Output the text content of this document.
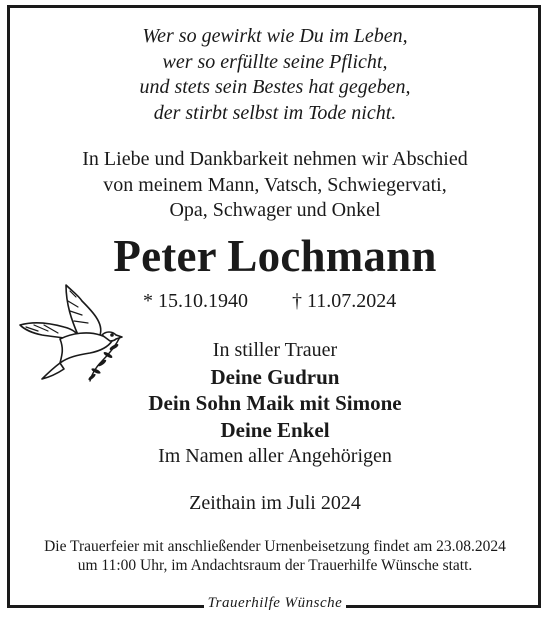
Wer so gewirkt wie Du im Leben,
wer so erfüllte seine Pflicht,
und stets sein Bestes hat gegeben,
der stirbt selbst im Tode nicht.
In Liebe und Dankbarkeit nehmen wir Abschied
von meinem Mann, Vatsch, Schwiegervati,
Opa, Schwager und Onkel
Peter Lochmann
* 15.10.1940 † 11.07.2024
In stiller Trauer
Deine Gudrun
Dein Sohn Maik mit Simone
Deine Enkel
Im Namen aller Angehörigen
Zeithain im Juli 2024
Die Trauerfeier mit anschließender Urnenbeisetzung findet am 23.08.2024
um 11:00 Uhr, im Andachtsraum der Trauerhilfe Wünsche statt.
Trauerhilfe Wünsche
